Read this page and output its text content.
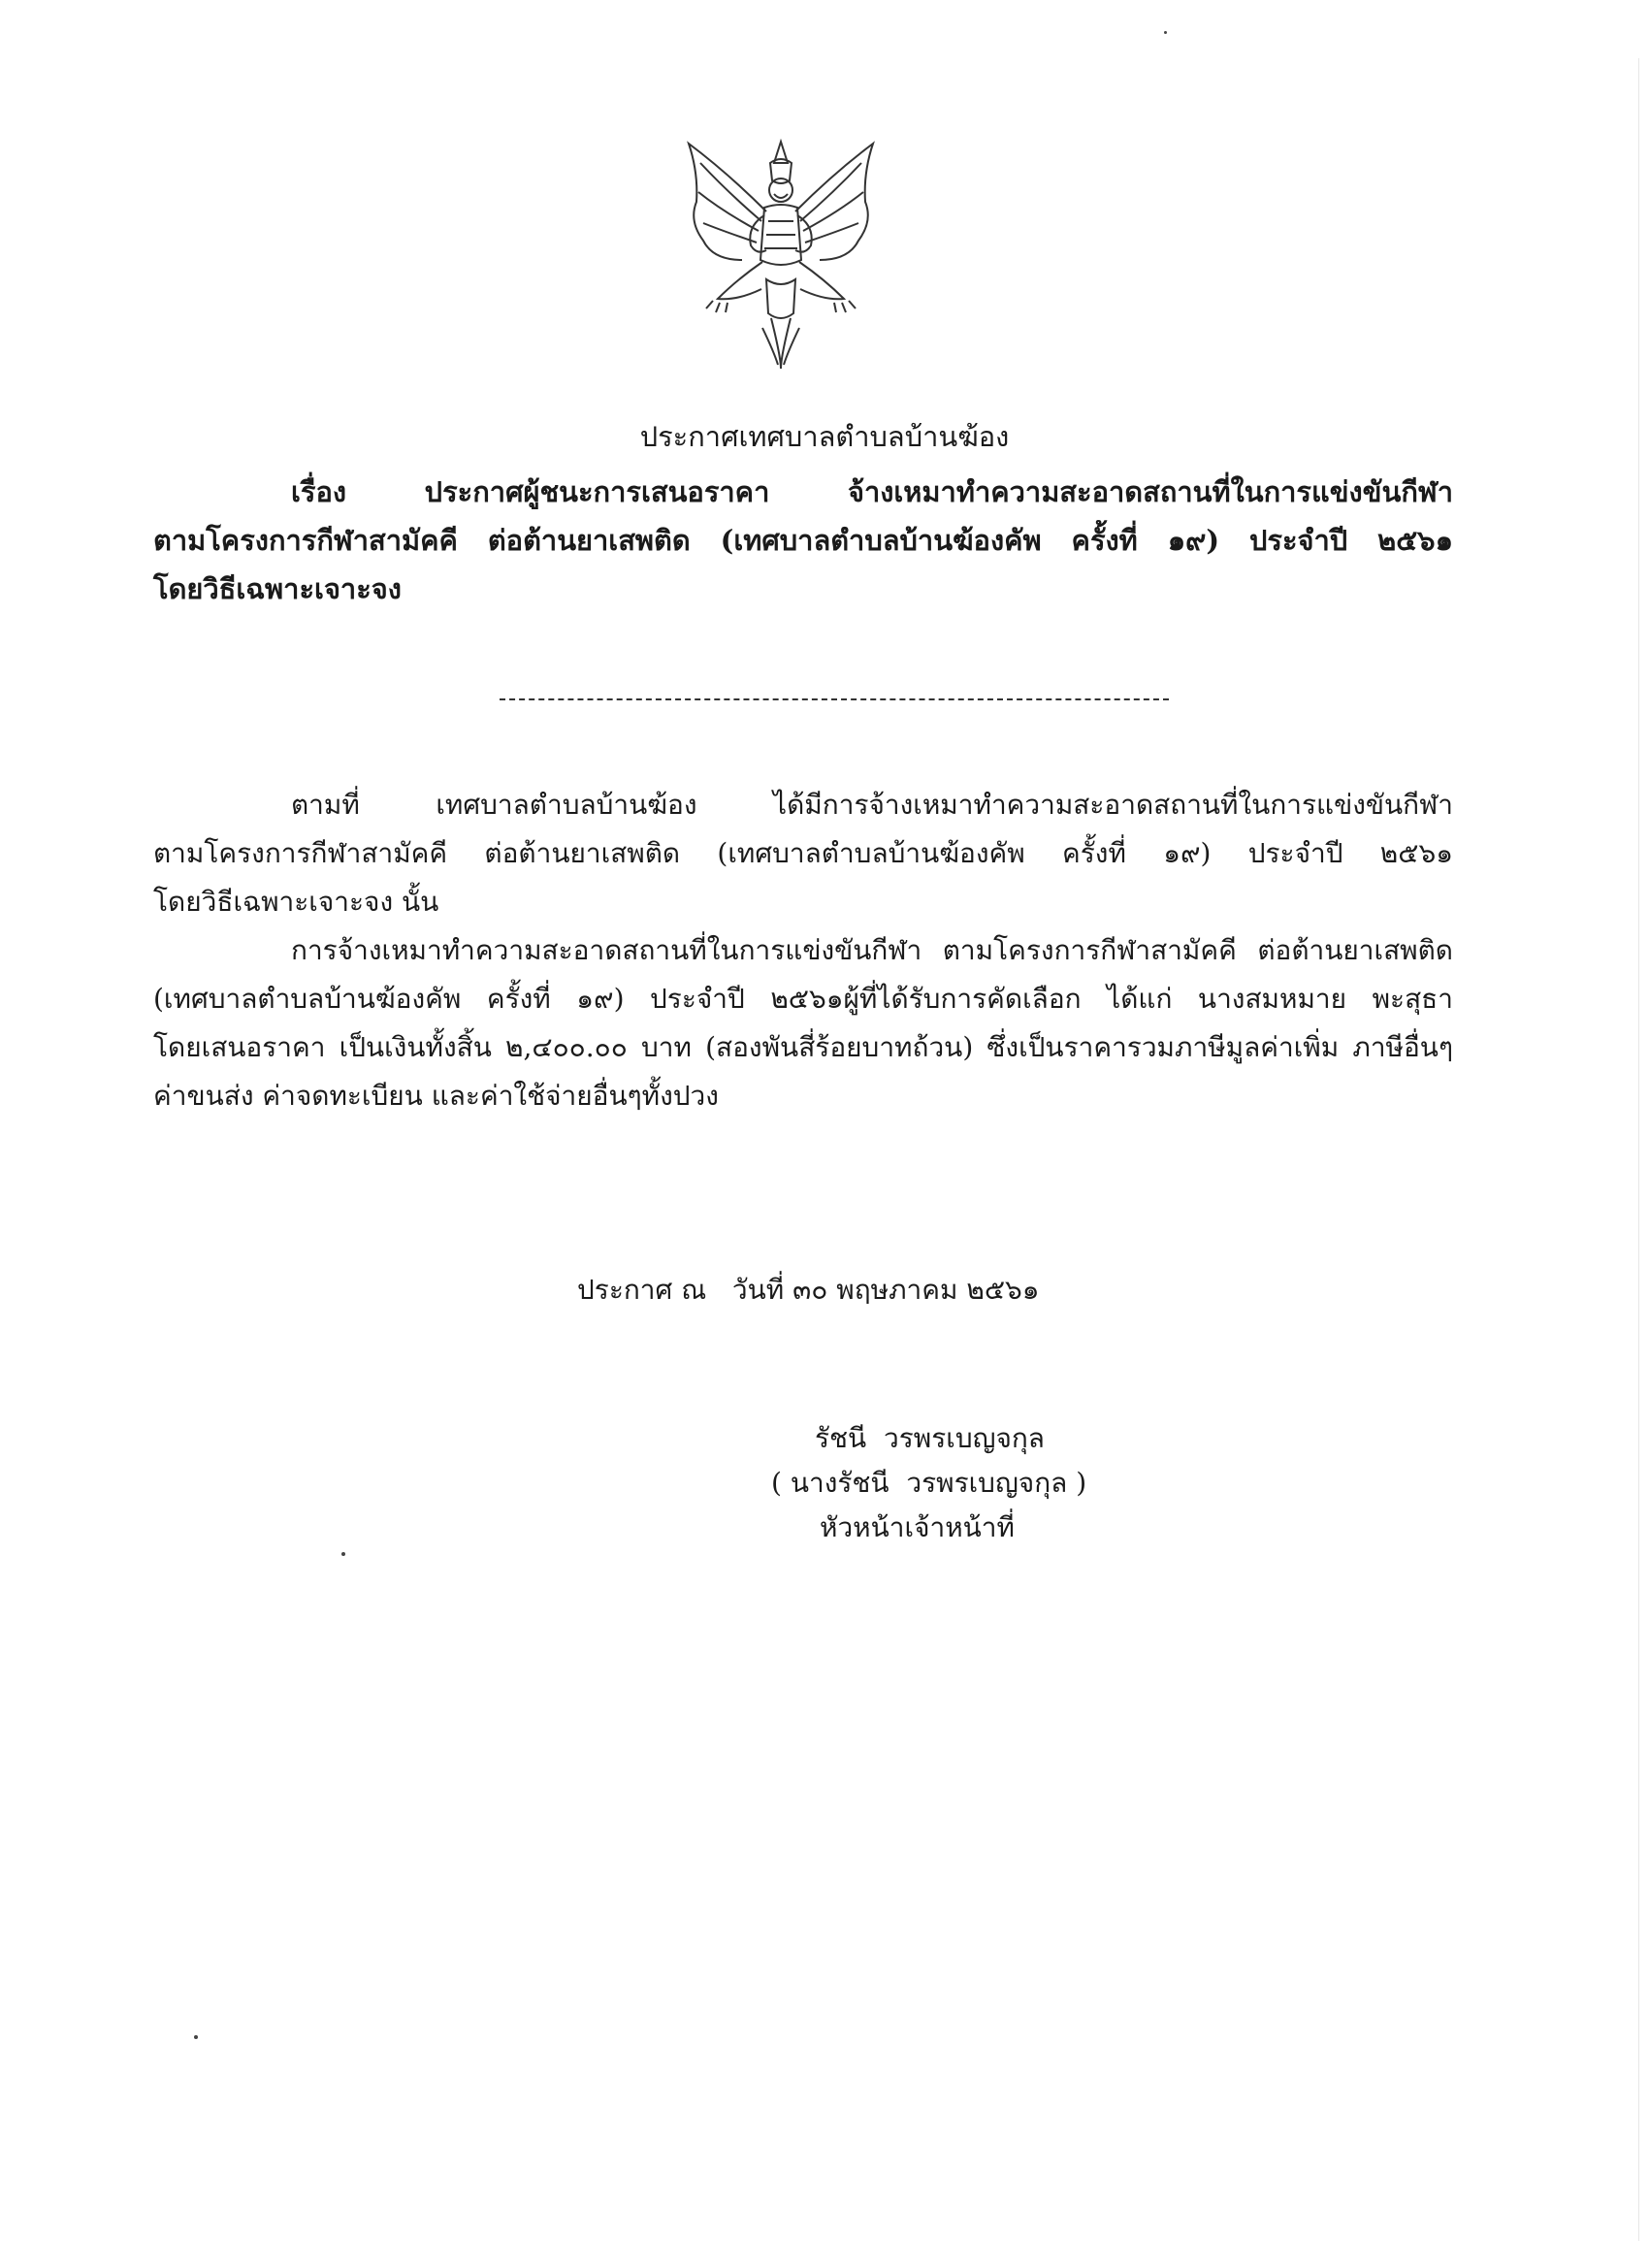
ประกาศเทศบาลตำบลบ้านฆ้อง
เรื่อง ประกาศผู้ชนะการเสนอราคา จ้างเหมาทำความสะอาดสถานที่ในการแข่งขันกีฬา
ตามโครงการกีฬาสามัคคี ต่อต้านยาเสพติด (เทศบาลตำบลบ้านฆ้องคัพ ครั้งที่ ๑๙) ประจำปี ๒๕๖๑
โดยวิธีเฉพาะเจาะจง
ตามที่ เทศบาลตำบลบ้านฆ้อง ได้มีการจ้างเหมาทำความสะอาดสถานที่ในการแข่งขันกีฬา
ตามโครงการกีฬาสามัคคี ต่อต้านยาเสพติด (เทศบาลตำบลบ้านฆ้องคัพ ครั้งที่ ๑๙) ประจำปี ๒๕๖๑
โดยวิธีเฉพาะเจาะจง นั้น
การจ้างเหมาทำความสะอาดสถานที่ในการแข่งขันกีฬา ตามโครงการกีฬาสามัคคี ต่อต้านยาเสพติด
(เทศบาลตำบลบ้านฆ้องคัพ ครั้งที่ ๑๙) ประจำปี ๒๕๖๑ผู้ที่ได้รับการคัดเลือก ได้แก่ นางสมหมาย พะสุธา
โดยเสนอราคา เป็นเงินทั้งสิ้น ๒,๔๐๐.๐๐ บาท (สองพันสี่ร้อยบาทถ้วน) ซึ่งเป็นราคารวมภาษีมูลค่าเพิ่ม ภาษีอื่นๆ
ค่าขนส่ง ค่าจดทะเบียน และค่าใช้จ่ายอื่นๆทั้งปวง
ประกาศ ณ   วันที่ ๓๐ พฤษภาคม ๒๕๖๑
รัชนี  วรพรเบญจกุล
( นางรัชนี  วรพรเบญจกุล )
หัวหน้าเจ้าหน้าที่
